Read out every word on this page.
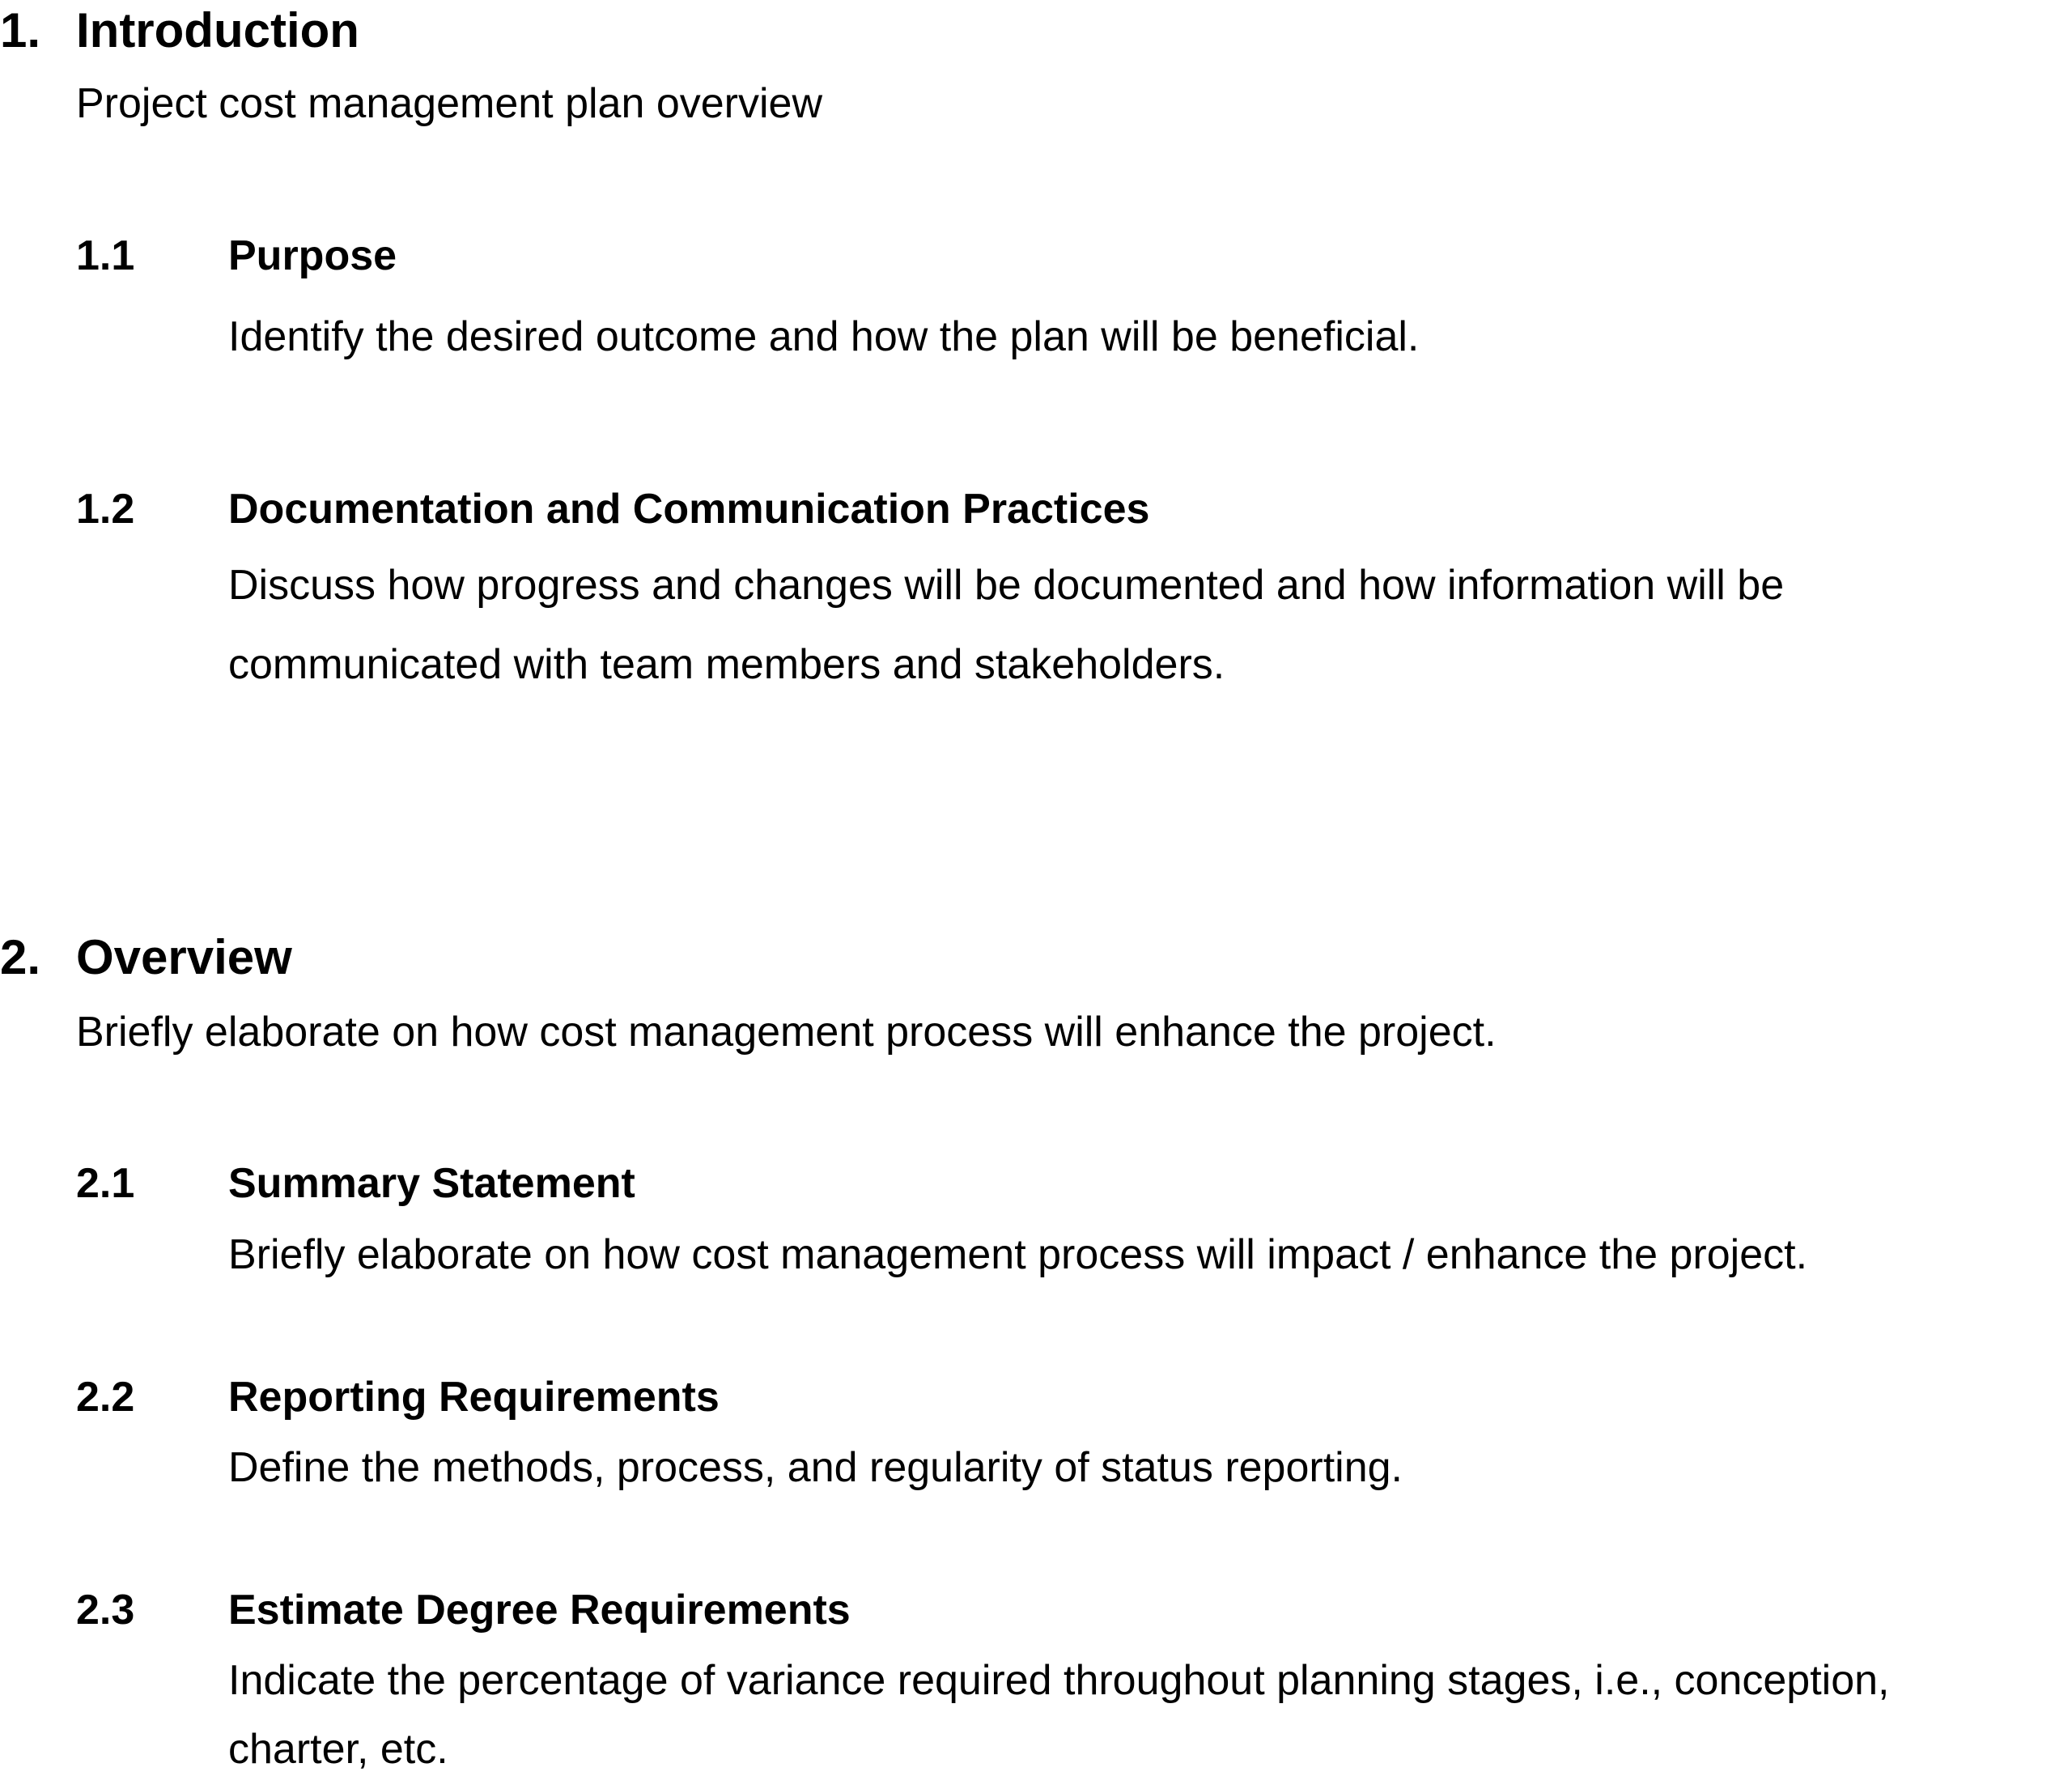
1. Introduction
Project cost management plan overview
1.1 Purpose
Identify the desired outcome and how the plan will be beneficial.
1.2 Documentation and Communication Practices
Discuss how progress and changes will be documented and how information will be
communicated with team members and stakeholders.
2. Overview
Briefly elaborate on how cost management process will enhance the project.
2.1 Summary Statement
Briefly elaborate on how cost management process will impact / enhance the project.
2.2 Reporting Requirements
Define the methods, process, and regularity of status reporting.
2.3 Estimate Degree Requirements
Indicate the percentage of variance required throughout planning stages, i.e., conception,
charter, etc.
